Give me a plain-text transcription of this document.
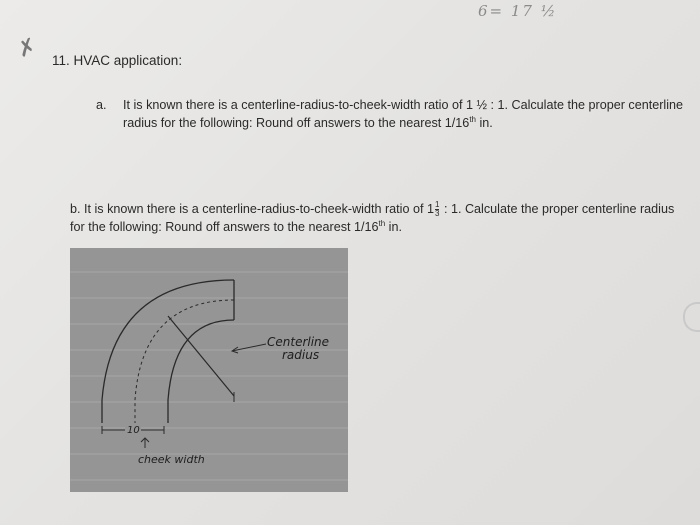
6= 17 ½
✗ 11. HVAC application:
a. It is known there is a centerline-radius-to-cheek-width ratio of 1 ½ : 1. Calculate the proper centerline radius for the following: Round off answers to the nearest 1/16th in.
b. It is known there is a centerline-radius-to-cheek-width ratio of $1 \frac{1}{3}$ : 1. Calculate the proper centerline radius for the following: Round off answers to the nearest 1/16th in.
Centerline
radius
10
cheek width
